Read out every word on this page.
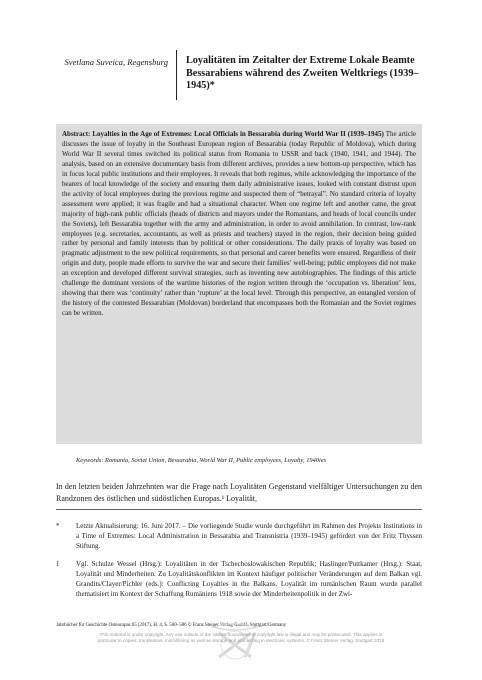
Svetlana Suveica, Regensburg Loyalitäten im Zeitalter der Extreme Lokale Beamte Bessarabiens während des Zweiten Weltkriegs (1939–1945)*
Abstract: Loyalties in the Age of Extremes: Local Officials in Bessarabia during World War II (1939–1945) The article discusses the issue of loyalty in the Southeast European region of Bessarabia (today Republic of Moldova), which during World War II several times switched its political status from Romania to USSR and back (1940, 1941, and 1944). The analysis, based on an extensive documentary basis from different archives, provides a new bottom-up perspective, which has in focus local public institutions and their employees. It reveals that both regimes, while acknowledging the importance of the bearers of local knowledge of the society and ensuring them daily administrative issues, looked with constant distrust upon the activity of local employees during the previous regime and suspected them of “betrayal”. No standard criteria of loyalty assessment were applied; it was fragile and had a situational character. When one regime left and another came, the great majority of high-rank public officials (heads of districts and mayors under the Romanians, and heads of local councils under the Soviets), left Bessarabia together with the army and administration, in order to avoid annihilation. In contrast, low-rank employees (e.g. secretaries, accountants, as well as priests and teachers) stayed in the region, their decision being guided rather by personal and family interests than by political or other considerations. The daily praxis of loyalty was based on pragmatic adjustment to the new political requirements, so that personal and career benefits were ensured. Regardless of their origin and duty, people made efforts to survive the war and secure their families’ well-being; public employees did not make an exception and developed different survival strategies, such as inventing new autobiographies. The findings of this article challenge the dominant versions of the wartime histories of the region written through the ‘occupation vs. liberation’ lens, showing that there was ‘continuity’ rather than ‘rupture’ at the local level. Through this perspective, an entangled version of the history of the contested Bessarabian (Moldovan) borderland that encompasses both the Romanian and the Soviet regimes can be written.
Keywords: Romania, Soviet Union, Bessarabia, World War II, Public employees, Loyalty, 1940ies
In den letzten beiden Jahrzehnten war die Frage nach Loyalitäten Gegenstand vielfältiger Untersuchungen zu den Randzonen des östlichen und südöstlichen Europas.¹ Loyalität,
*	Letzte Aktualisierung: 16. Juni 2017. – Die vorliegende Studie wurde durchgeführt im Rahmen des Projekts Institutions in a Time of Extremes: Local Administration in Bessarabia and Transnistria (1939–1945) gefördert von der Fritz Thyssen Stiftung.
1	Vgl. Schulze Wessel (Hrsg.): Loyalitäten in der Tschechoslowakischen Republik; Haslinger/Puttkamer (Hrsg.): Staat, Loyalität und Minderheiten. Zu Loyalitätskonflikten im Kontext häufiger politischer Veränderungen auf dem Balkan vgl. Grandits/Clayer/Pichler (eds.): Conflicting Loyalties in the Balkans. Loyalität im rumänischen Raum wurde parallel thematisiert im Kontext der Schaffung Rumäniens 1918 sowie der Minderheitenpolitik in der Zwi-
Jahrbücher für Geschichte Osteuropas 65 (2017), H. 4, S. 560–586 © Franz Steiner Verlag GmbH, Stuttgart/Germany
This material is under copyright. Any use outside of the narrow boundaries of copyright law is illegal and may be prosecuted. This applies in particular to copies, translations, microfilming as well as storage and processing in electronic systems. © Franz Steiner Verlag, Stuttgart 2018
